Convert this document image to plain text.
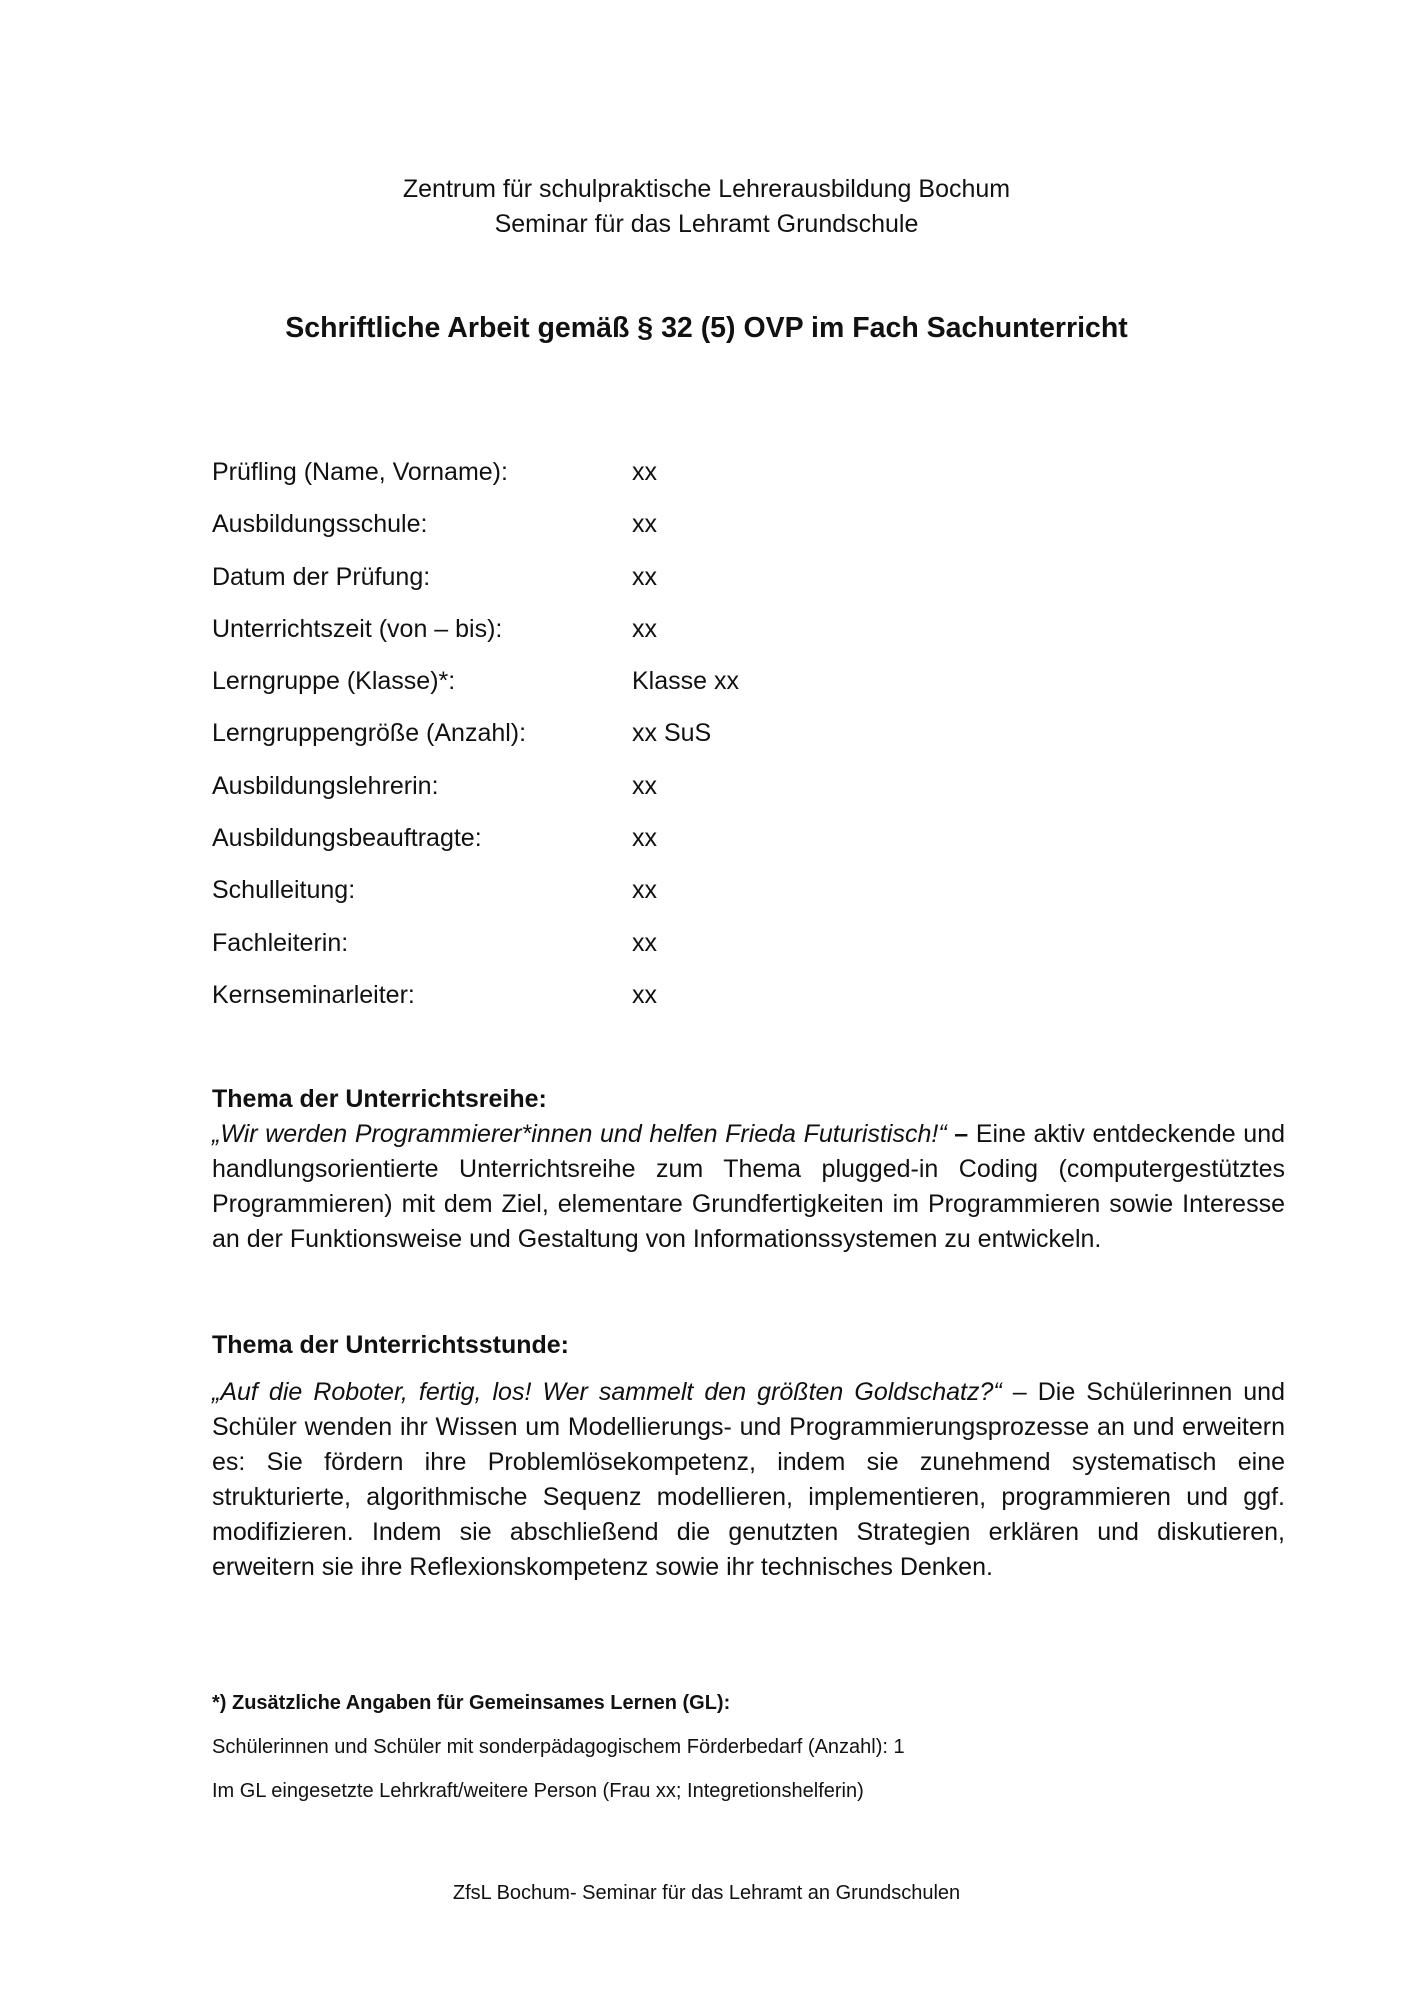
Zentrum für schulpraktische Lehrerausbildung Bochum
Seminar für das Lehramt Grundschule
Schriftliche Arbeit gemäß § 32 (5) OVP im Fach Sachunterricht
Prüfling (Name, Vorname):	xx
Ausbildungsschule:	xx
Datum der Prüfung:	xx
Unterrichtszeit (von – bis):	xx
Lerngruppe (Klasse)*:	Klasse xx
Lerngruppengröße (Anzahl):	xx SuS
Ausbildungslehrerin:	xx
Ausbildungsbeauftragte:	xx
Schulleitung:	xx
Fachleiterin:	xx
Kernseminarleiter:	xx
Thema der Unterrichtsreihe:
„Wir werden Programmierer*innen und helfen Frieda Futuristisch!“ – Eine aktiv entdeckende und handlungsorientierte Unterrichtsreihe zum Thema plugged-in Coding (computergestütztes Programmieren) mit dem Ziel, elementare Grundfertigkeiten im Programmieren sowie Interesse an der Funktionsweise und Gestaltung von Informationssystemen zu entwickeln.
Thema der Unterrichtsstunde:
„Auf die Roboter, fertig, los! Wer sammelt den größten Goldschatz?“ – Die Schülerinnen und Schüler wenden ihr Wissen um Modellierungs- und Programmierungsprozesse an und erweitern es: Sie fördern ihre Problemlösekompetenz, indem sie zunehmend systematisch eine strukturierte, algorithmische Sequenz modellieren, implementieren, programmieren und ggf. modifizieren. Indem sie abschließend die genutzten Strategien erklären und diskutieren, erweitern sie ihre Reflexionskompetenz sowie ihr technisches Denken.
*) Zusätzliche Angaben für Gemeinsames Lernen (GL):
Schülerinnen und Schüler mit sonderpädagogischem Förderbedarf (Anzahl): 1
Im GL eingesetzte Lehrkraft/weitere Person (Frau xx; Integretionshelferin)
ZfsL Bochum- Seminar für das Lehramt an Grundschulen
